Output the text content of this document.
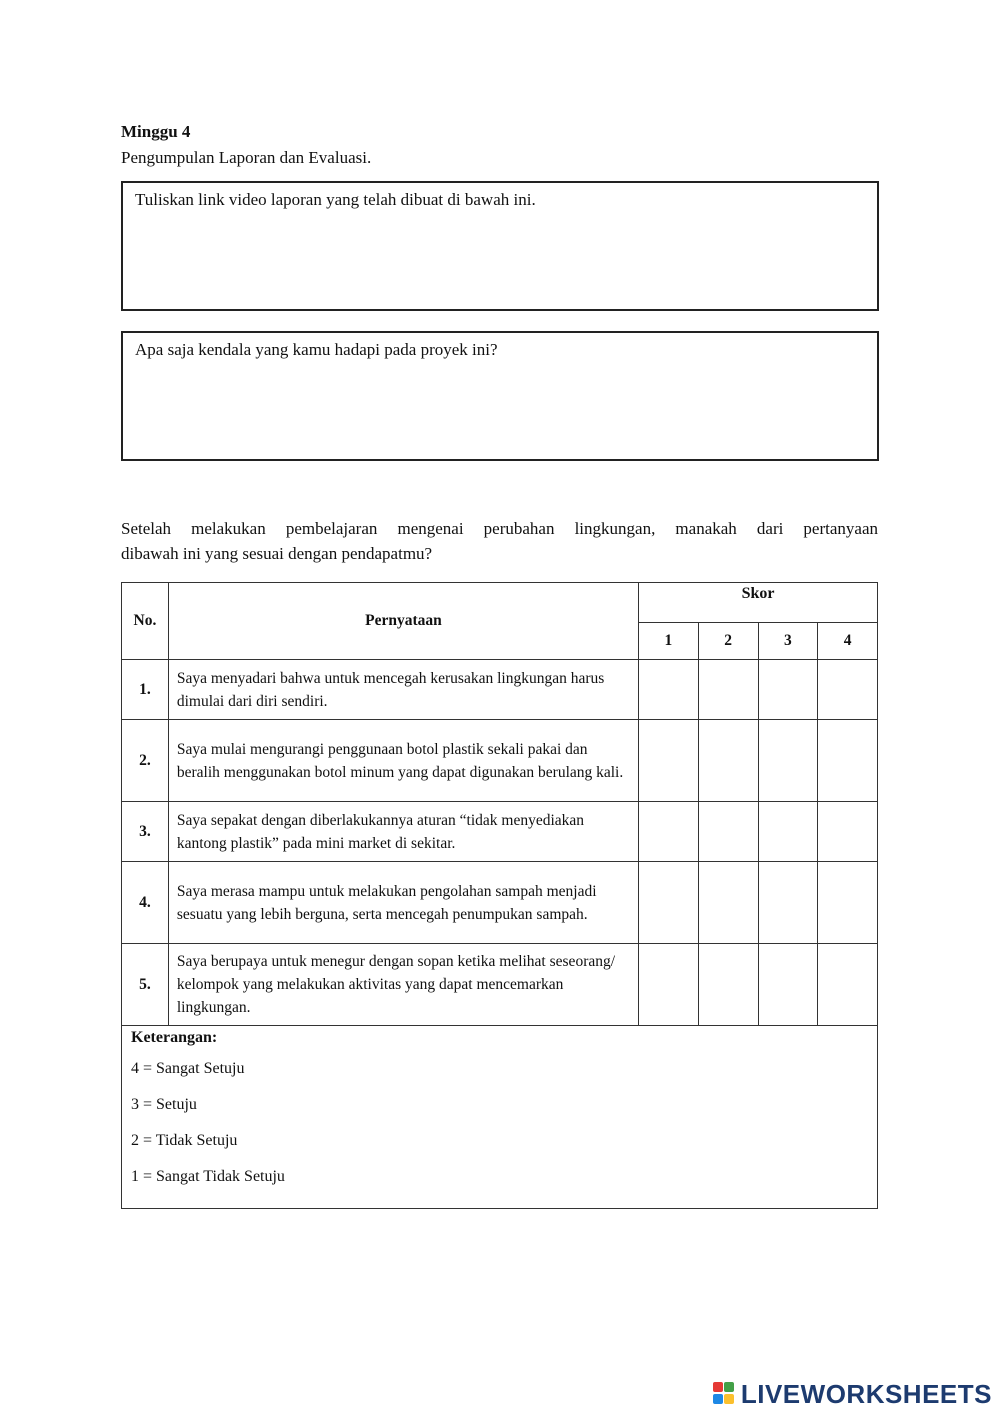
Minggu 4
Pengumpulan Laporan dan Evaluasi.
Tuliskan link video laporan yang telah dibuat di bawah ini.
Apa saja kendala yang kamu hadapi pada proyek ini?
Setelah melakukan pembelajaran mengenai perubahan lingkungan, manakah dari pertanyaan
dibawah ini yang sesuai dengan pendapatmu?
No.	Pernyataan	Skor			
		1	2	3	4
1.	Saya menyadari bahwa untuk mencegah kerusakan lingkungan harus dimulai dari diri sendiri.				
2.	Saya mulai mengurangi penggunaan botol plastik sekali pakai dan beralih menggunakan botol minum yang dapat digunakan berulang kali.				
3.	Saya sepakat dengan diberlakukannya aturan “tidak menyediakan kantong plastik” pada mini market di sekitar.				
4.	Saya merasa mampu untuk melakukan pengolahan sampah menjadi sesuatu yang lebih berguna, serta mencegah penumpukan sampah.				
5.	Saya berupaya untuk menegur dengan sopan ketika melihat seseorang/ kelompok yang melakukan aktivitas yang dapat mencemarkan lingkungan.				

Keterangan:
4 = Sangat Setuju
3 = Setuju
2 = Tidak Setuju
1 = Sangat Tidak Setuju					
LIVEWORKSHEETS
